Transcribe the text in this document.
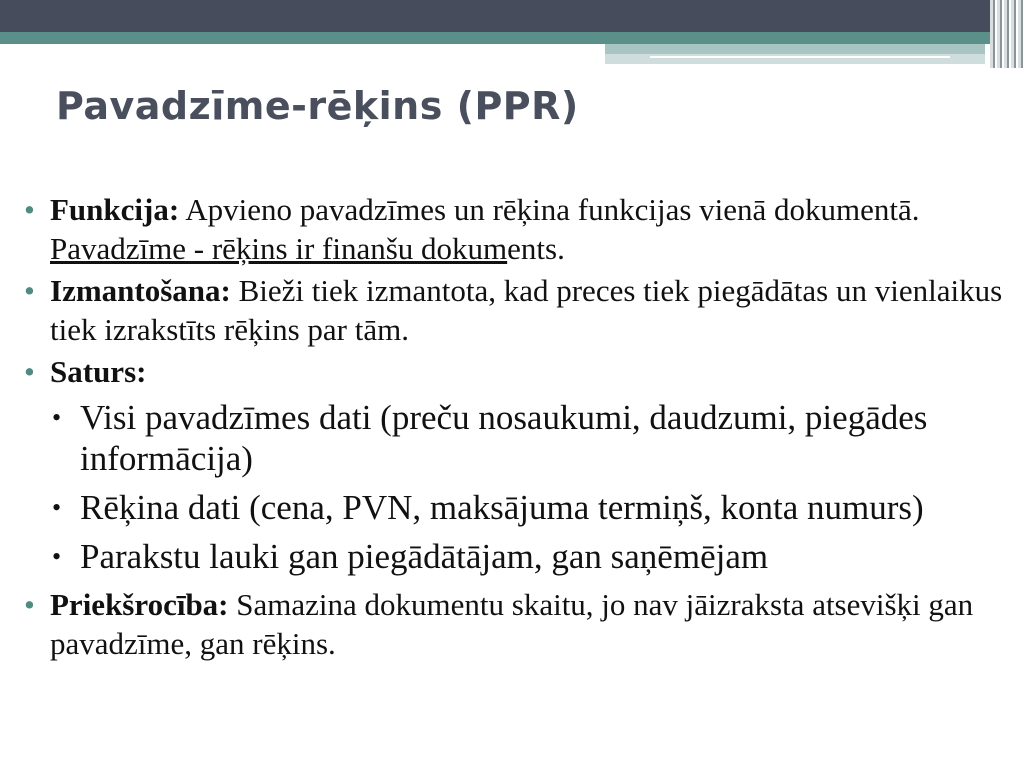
Pavadzīme-rēķins (PPR)
• Funkcija: Apvieno pavadzīmes un rēķina funkcijas vienā dokumentā. Pavadzīme - rēķins ir finanšu dokuments.
• Izmantošana: Bieži tiek izmantota, kad preces tiek piegādātas un vienlaikus tiek izrakstīts rēķins par tām.
• Saturs:
• Visi pavadzīmes dati (preču nosaukumi, daudzumi, piegādes informācija)
• Rēķina dati (cena, PVN, maksājuma termiņš, konta numurs)
• Parakstu lauki gan piegādātājam, gan saņēmējam
• Priekšrocība: Samazina dokumentu skaitu, jo nav jāizraksta atsevišķi gan pavadzīme, gan rēķins.
